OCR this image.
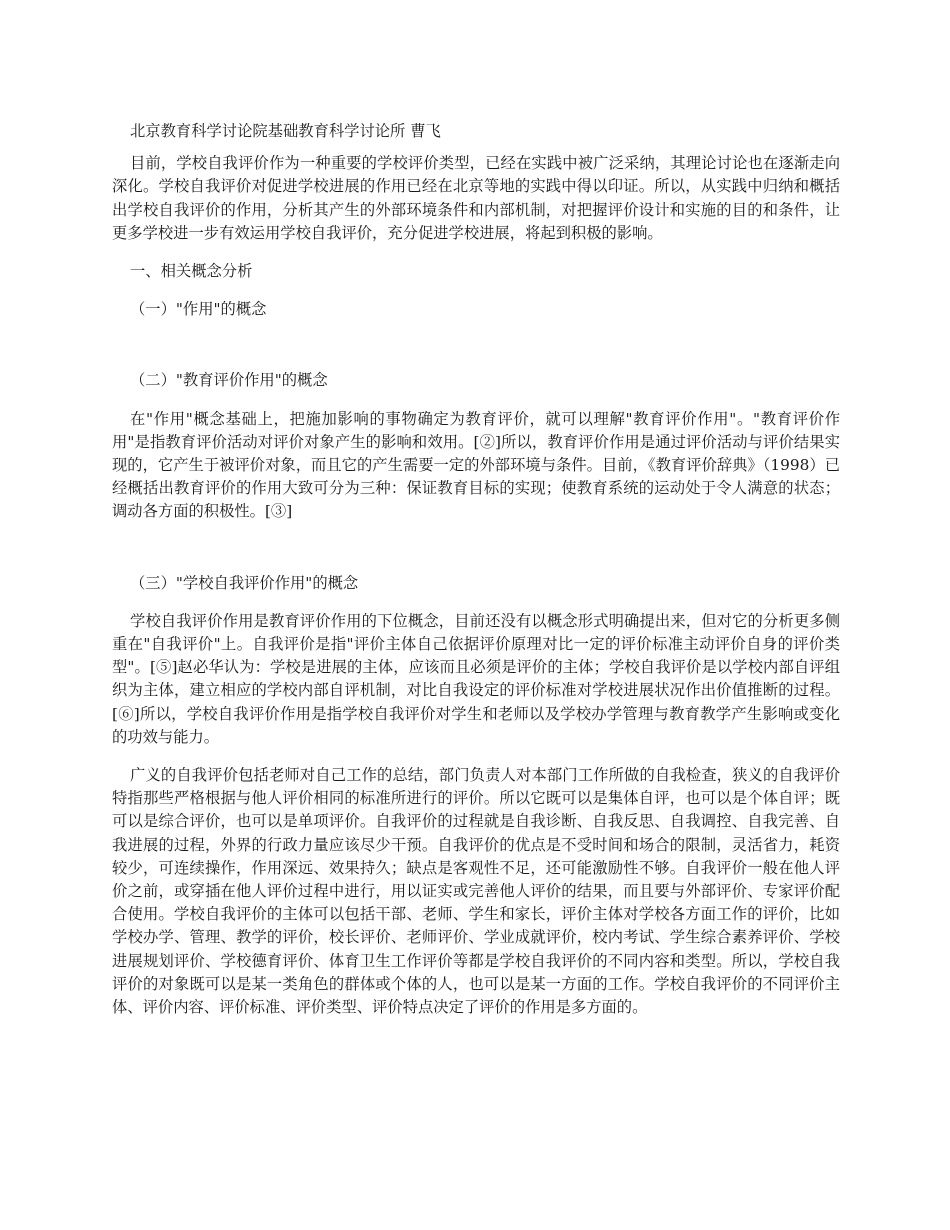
北京教育科学讨论院基础教育科学讨论所 曹飞

目前，学校自我评价作为一种重要的学校评价类型，已经在实践中被广泛采纳，其理论讨论也在逐渐走向深化。学校自我评价对促进学校进展的作用已经在北京等地的实践中得以印证。所以，从实践中归纳和概括出学校自我评价的作用，分析其产生的外部环境条件和内部机制，对把握评价设计和实施的目的和条件，让更多学校进一步有效运用学校自我评价，充分促进学校进展，将起到积极的影响。

一、相关概念分析

（一）"作用"的概念

（二）"教育评价作用"的概念

在"作用"概念基础上，把施加影响的事物确定为教育评价，就可以理解"教育评价作用"。"教育评价作用"是指教育评价活动对评价对象产生的影响和效用。[②]所以，教育评价作用是通过评价活动与评价结果实现的，它产生于被评价对象，而且它的产生需要一定的外部环境与条件。目前，《教育评价辞典》（1998）已经概括出教育评价的作用大致可分为三种：保证教育目标的实现；使教育系统的运动处于令人满意的状态；调动各方面的积极性。[③]

（三）"学校自我评价作用"的概念

学校自我评价作用是教育评价作用的下位概念，目前还没有以概念形式明确提出来，但对它的分析更多侧重在"自我评价"上。自我评价是指"评价主体自己依据评价原理对比一定的评价标准主动评价自身的评价类型"。[⑤]赵必华认为：学校是进展的主体，应该而且必须是评价的主体；学校自我评价是以学校内部自评组织为主体，建立相应的学校内部自评机制，对比自我设定的评价标准对学校进展状况作出价值推断的过程。[⑥]所以，学校自我评价作用是指学校自我评价对学生和老师以及学校办学管理与教育教学产生影响或变化的功效与能力。

广义的自我评价包括老师对自己工作的总结，部门负责人对本部门工作所做的自我检查，狭义的自我评价特指那些严格根据与他人评价相同的标准所进行的评价。所以它既可以是集体自评，也可以是个体自评；既可以是综合评价，也可以是单项评价。自我评价的过程就是自我诊断、自我反思、自我调控、自我完善、自我进展的过程，外界的行政力量应该尽少干预。自我评价的优点是不受时间和场合的限制，灵活省力，耗资较少，可连续操作，作用深远、效果持久；缺点是客观性不足，还可能激励性不够。自我评价一般在他人评价之前，或穿插在他人评价过程中进行，用以证实或完善他人评价的结果，而且要与外部评价、专家评价配合使用。学校自我评价的主体可以包括干部、老师、学生和家长，评价主体对学校各方面工作的评价，比如学校办学、管理、教学的评价，校长评价、老师评价、学业成就评价，校内考试、学生综合素养评价、学校进展规划评价、学校德育评价、体育卫生工作评价等都是学校自我评价的不同内容和类型。所以，学校自我评价的对象既可以是某一类角色的群体或个体的人，也可以是某一方面的工作。学校自我评价的不同评价主体、评价内容、评价标准、评价类型、评价特点决定了评价的作用是多方面的。
